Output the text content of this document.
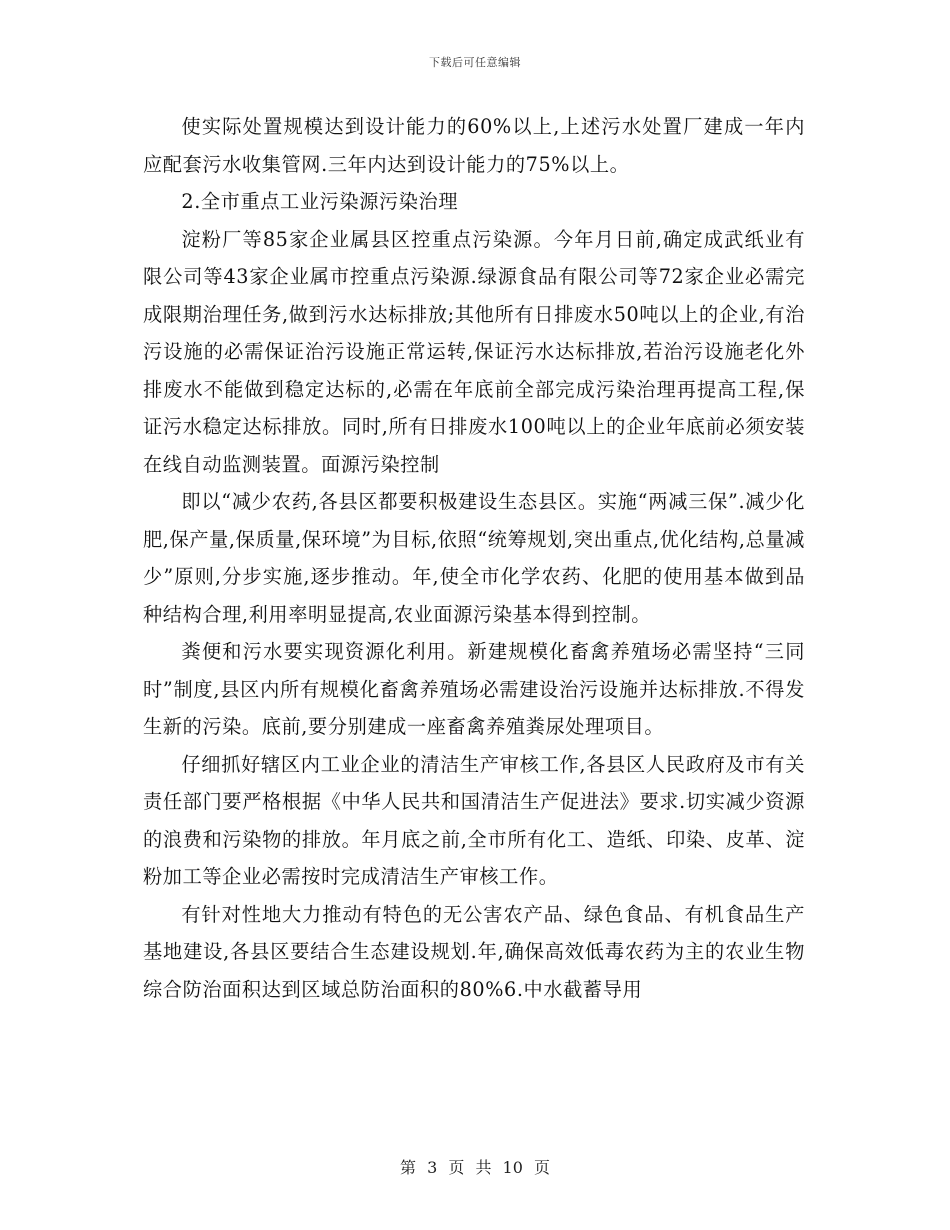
下载后可任意编辑

使实际处置规模达到设计能力的60%以上,上述污水处置厂建成一年内应配套污水收集管网.三年内达到设计能力的75%以上。

2.全市重点工业污染源污染治理

淀粉厂等85家企业属县区控重点污染源。今年月日前,确定成武纸业有限公司等43家企业属市控重点污染源.绿源食品有限公司等72家企业必需完成限期治理任务,做到污水达标排放;其他所有日排废水50吨以上的企业,有治污设施的必需保证治污设施正常运转,保证污水达标排放,若治污设施老化外排废水不能做到稳定达标的,必需在年底前全部完成污染治理再提高工程,保证污水稳定达标排放。同时,所有日排废水100吨以上的企业年底前必须安装在线自动监测装置。面源污染控制

即以“减少农药,各县区都要积极建设生态县区。实施“两减三保”.减少化肥,保产量,保质量,保环境”为目标,依照“统筹规划,突出重点,优化结构,总量减少”原则,分步实施,逐步推动。年,使全市化学农药、化肥的使用基本做到品种结构合理,利用率明显提高,农业面源污染基本得到控制。

粪便和污水要实现资源化利用。新建规模化畜禽养殖场必需坚持“三同时”制度,县区内所有规模化畜禽养殖场必需建设治污设施并达标排放.不得发生新的污染。底前,要分别建成一座畜禽养殖粪尿处理项目。

仔细抓好辖区内工业企业的清洁生产审核工作,各县区人民政府及市有关责任部门要严格根据《中华人民共和国清洁生产促进法》要求.切实减少资源的浪费和污染物的排放。年月底之前,全市所有化工、造纸、印染、皮革、淀粉加工等企业必需按时完成清洁生产审核工作。

有针对性地大力推动有特色的无公害农产品、绿色食品、有机食品生产基地建设,各县区要结合生态建设规划.年,确保高效低毒农药为主的农业生物综合防治面积达到区域总防治面积的80%6.中水截蓄导用

第 3 页 共 10 页
